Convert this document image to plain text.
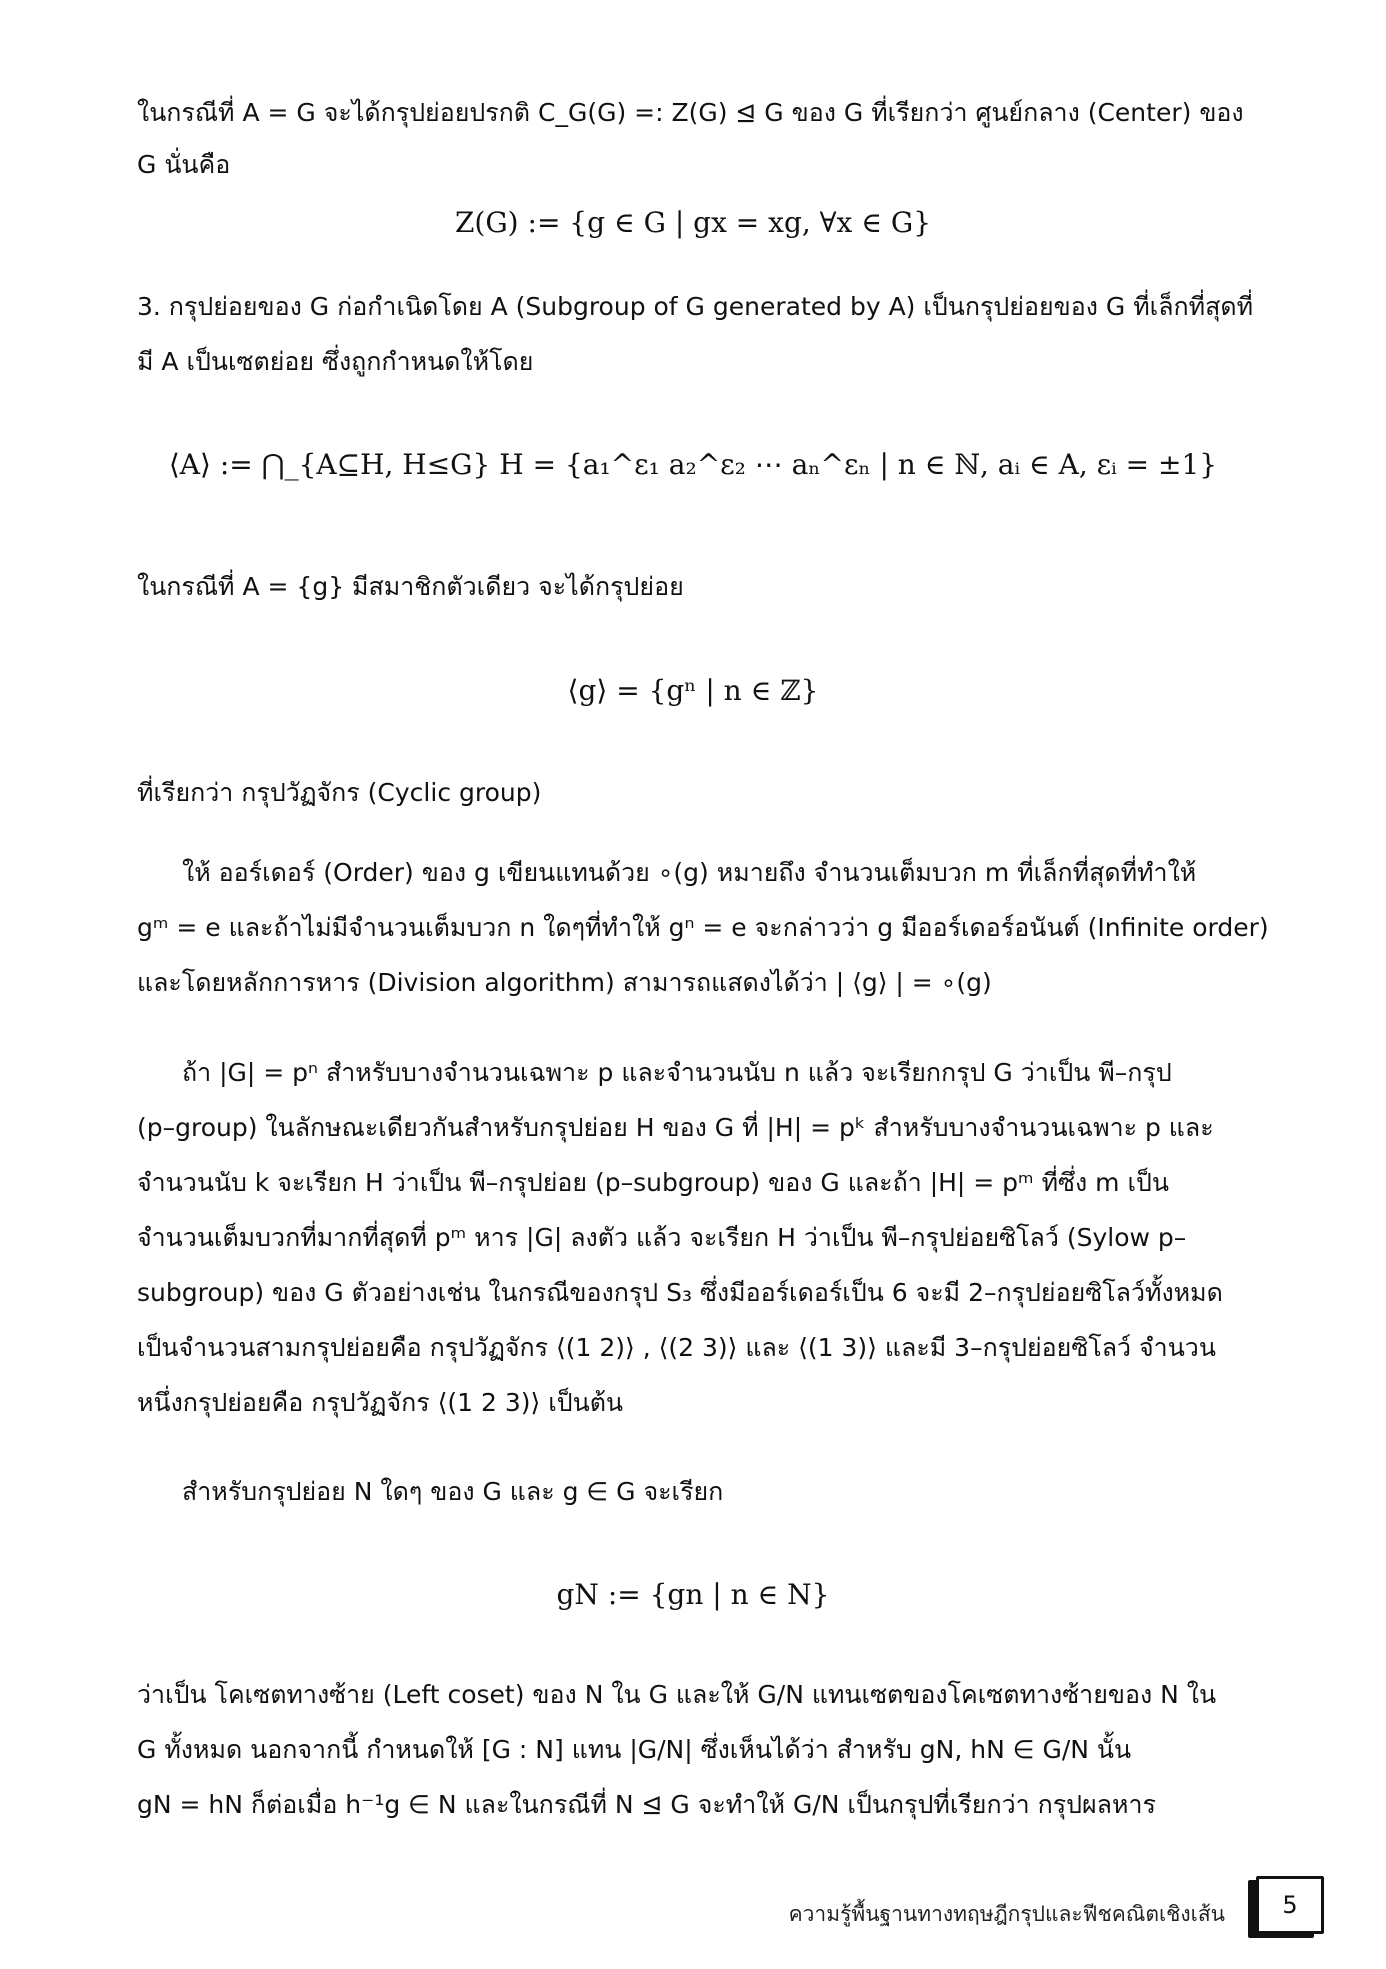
ในกรณีที่ A = G จะได้กรุปย่อยปรกติ C_G(G) =: Z(G) ⊴ G ของ G ที่เรียกว่า ศูนย์กลาง (Center) ของ
G นั่นคือ
Z(G) := {g ∈ G | gx = xg, ∀x ∈ G}
3. กรุปย่อยของ G ก่อกำเนิดโดย A (Subgroup of G generated by A) เป็นกรุปย่อยของ G ที่เล็กที่สุดที่
มี A เป็นเซตย่อย ซึ่งถูกกำหนดให้โดย
⟨A⟩ := ⋂_{A⊆H, H≤G} H = {a₁^ε₁ a₂^ε₂ ⋯ aₙ^εₙ | n ∈ ℕ, aᵢ ∈ A, εᵢ = ±1}
ในกรณีที่ A = {g} มีสมาชิกตัวเดียว จะได้กรุปย่อย
⟨g⟩ = {gⁿ | n ∈ ℤ}
ที่เรียกว่า กรุปวัฏจักร (Cyclic group)
ให้ ออร์เดอร์ (Order) ของ g เขียนแทนด้วย ∘(g) หมายถึง จำนวนเต็มบวก m ที่เล็กที่สุดที่ทำให้
gᵐ = e และถ้าไม่มีจำนวนเต็มบวก n ใดๆที่ทำให้ gⁿ = e จะกล่าวว่า g มีออร์เดอร์อนันต์ (Infinite order)
และโดยหลักการหาร (Division algorithm) สามารถแสดงได้ว่า | ⟨g⟩ | = ∘(g)
ถ้า |G| = pⁿ สำหรับบางจำนวนเฉพาะ p และจำนวนนับ n แล้ว จะเรียกกรุป G ว่าเป็น พี–กรุป
(p–group) ในลักษณะเดียวกันสำหรับกรุปย่อย H ของ G ที่ |H| = pᵏ สำหรับบางจำนวนเฉพาะ p และ
จำนวนนับ k จะเรียก H ว่าเป็น พี–กรุปย่อย (p–subgroup) ของ G และถ้า |H| = pᵐ ที่ซึ่ง m เป็น
จำนวนเต็มบวกที่มากที่สุดที่ pᵐ หาร |G| ลงตัว แล้ว จะเรียก H ว่าเป็น พี–กรุปย่อยซิโลว์ (Sylow p–
subgroup) ของ G ตัวอย่างเช่น ในกรณีของกรุป S₃ ซึ่งมีออร์เดอร์เป็น 6 จะมี 2–กรุปย่อยซิโลว์ทั้งหมด
เป็นจำนวนสามกรุปย่อยคือ กรุปวัฏจักร ⟨(1 2)⟩ , ⟨(2 3)⟩ และ ⟨(1 3)⟩ และมี 3–กรุปย่อยซิโลว์ จำนวน
หนึ่งกรุปย่อยคือ กรุปวัฏจักร ⟨(1 2 3)⟩ เป็นต้น
สำหรับกรุปย่อย N ใดๆ ของ G และ g ∈ G จะเรียก
gN := {gn | n ∈ N}
ว่าเป็น โคเซตทางซ้าย (Left coset) ของ N ใน G และให้ G/N แทนเซตของโคเซตทางซ้ายของ N ใน
G ทั้งหมด นอกจากนี้ กำหนดให้ [G : N] แทน |G/N| ซึ่งเห็นได้ว่า สำหรับ gN, hN ∈ G/N นั้น
gN = hN ก็ต่อเมื่อ h⁻¹g ∈ N และในกรณีที่ N ⊴ G จะทำให้ G/N เป็นกรุปที่เรียกว่า กรุปผลหาร
ความรู้พื้นฐานทางทฤษฎีกรุปและฟีชคณิตเชิงเส้น	5
